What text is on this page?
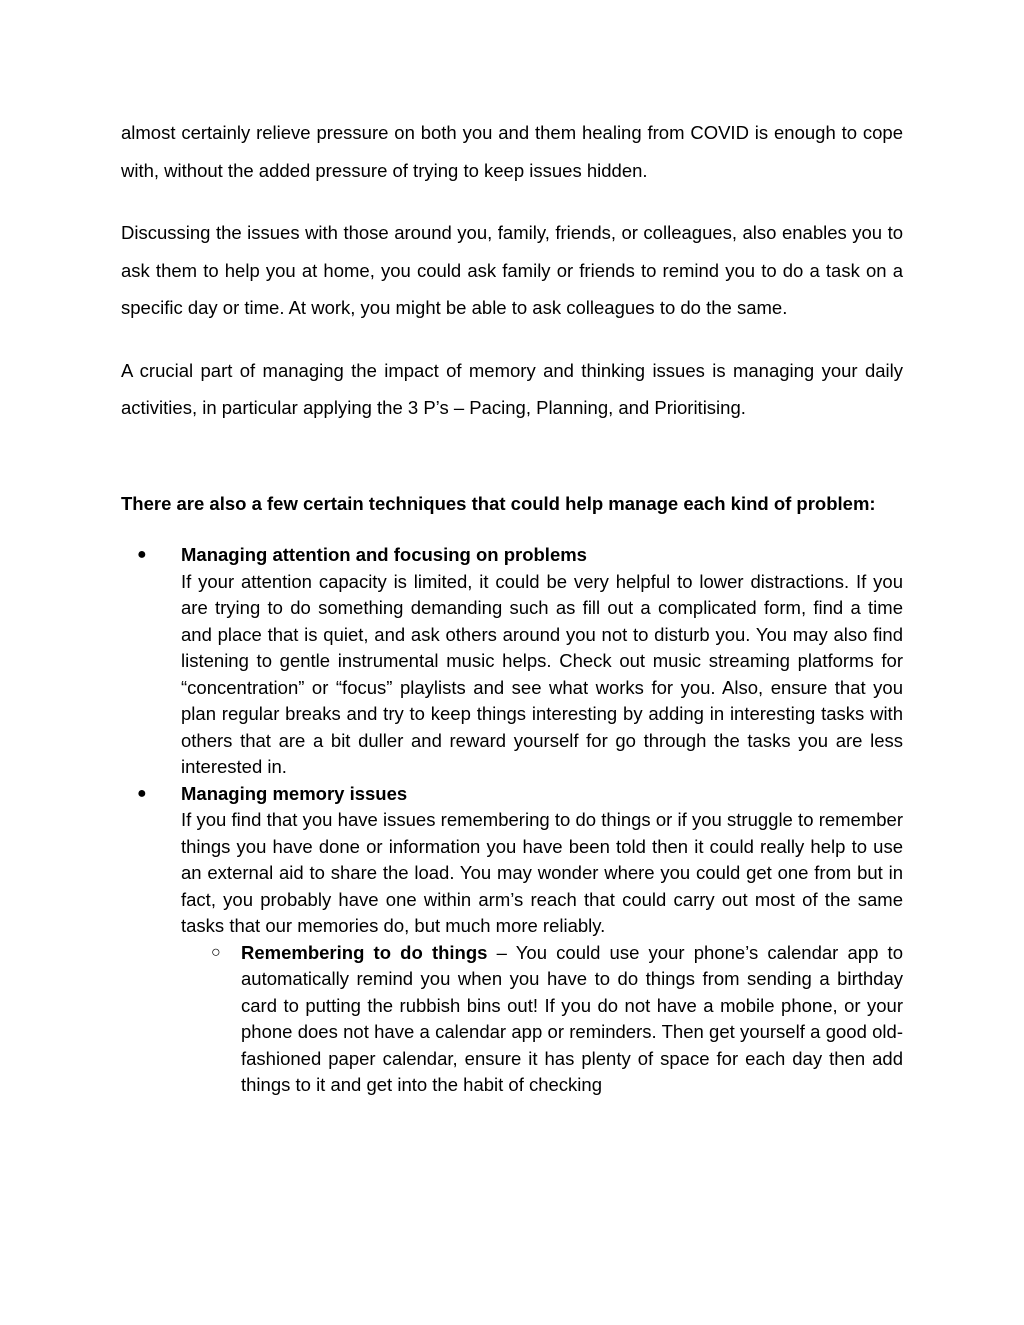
almost certainly relieve pressure on both you and them healing from COVID is enough to cope with, without the added pressure of trying to keep issues hidden.

Discussing the issues with those around you, family, friends, or colleagues, also enables you to ask them to help you at home, you could ask family or friends to remind you to do a task on a specific day or time. At work, you might be able to ask colleagues to do the same.

A crucial part of managing the impact of memory and thinking issues is managing your daily activities, in particular applying the 3 P’s – Pacing, Planning, and Prioritising.

There are also a few certain techniques that could help manage each kind of problem:

● Managing attention and focusing on problems
If your attention capacity is limited, it could be very helpful to lower distractions. If you are trying to do something demanding such as fill out a complicated form, find a time and place that is quiet, and ask others around you not to disturb you. You may also find listening to gentle instrumental music helps. Check out music streaming platforms for “concentration” or “focus” playlists and see what works for you. Also, ensure that you plan regular breaks and try to keep things interesting by adding in interesting tasks with others that are a bit duller and reward yourself for go through the tasks you are less interested in.
● Managing memory issues
If you find that you have issues remembering to do things or if you struggle to remember things you have done or information you have been told then it could really help to use an external aid to share the load. You may wonder where you could get one from but in fact, you probably have one within arm’s reach that could carry out most of the same tasks that our memories do, but much more reliably.
○ Remembering to do things – You could use your phone’s calendar app to automatically remind you when you have to do things from sending a birthday card to putting the rubbish bins out! If you do not have a mobile phone, or your phone does not have a calendar app or reminders. Then get yourself a good old-fashioned paper calendar, ensure it has plenty of space for each day then add things to it and get into the habit of checking
